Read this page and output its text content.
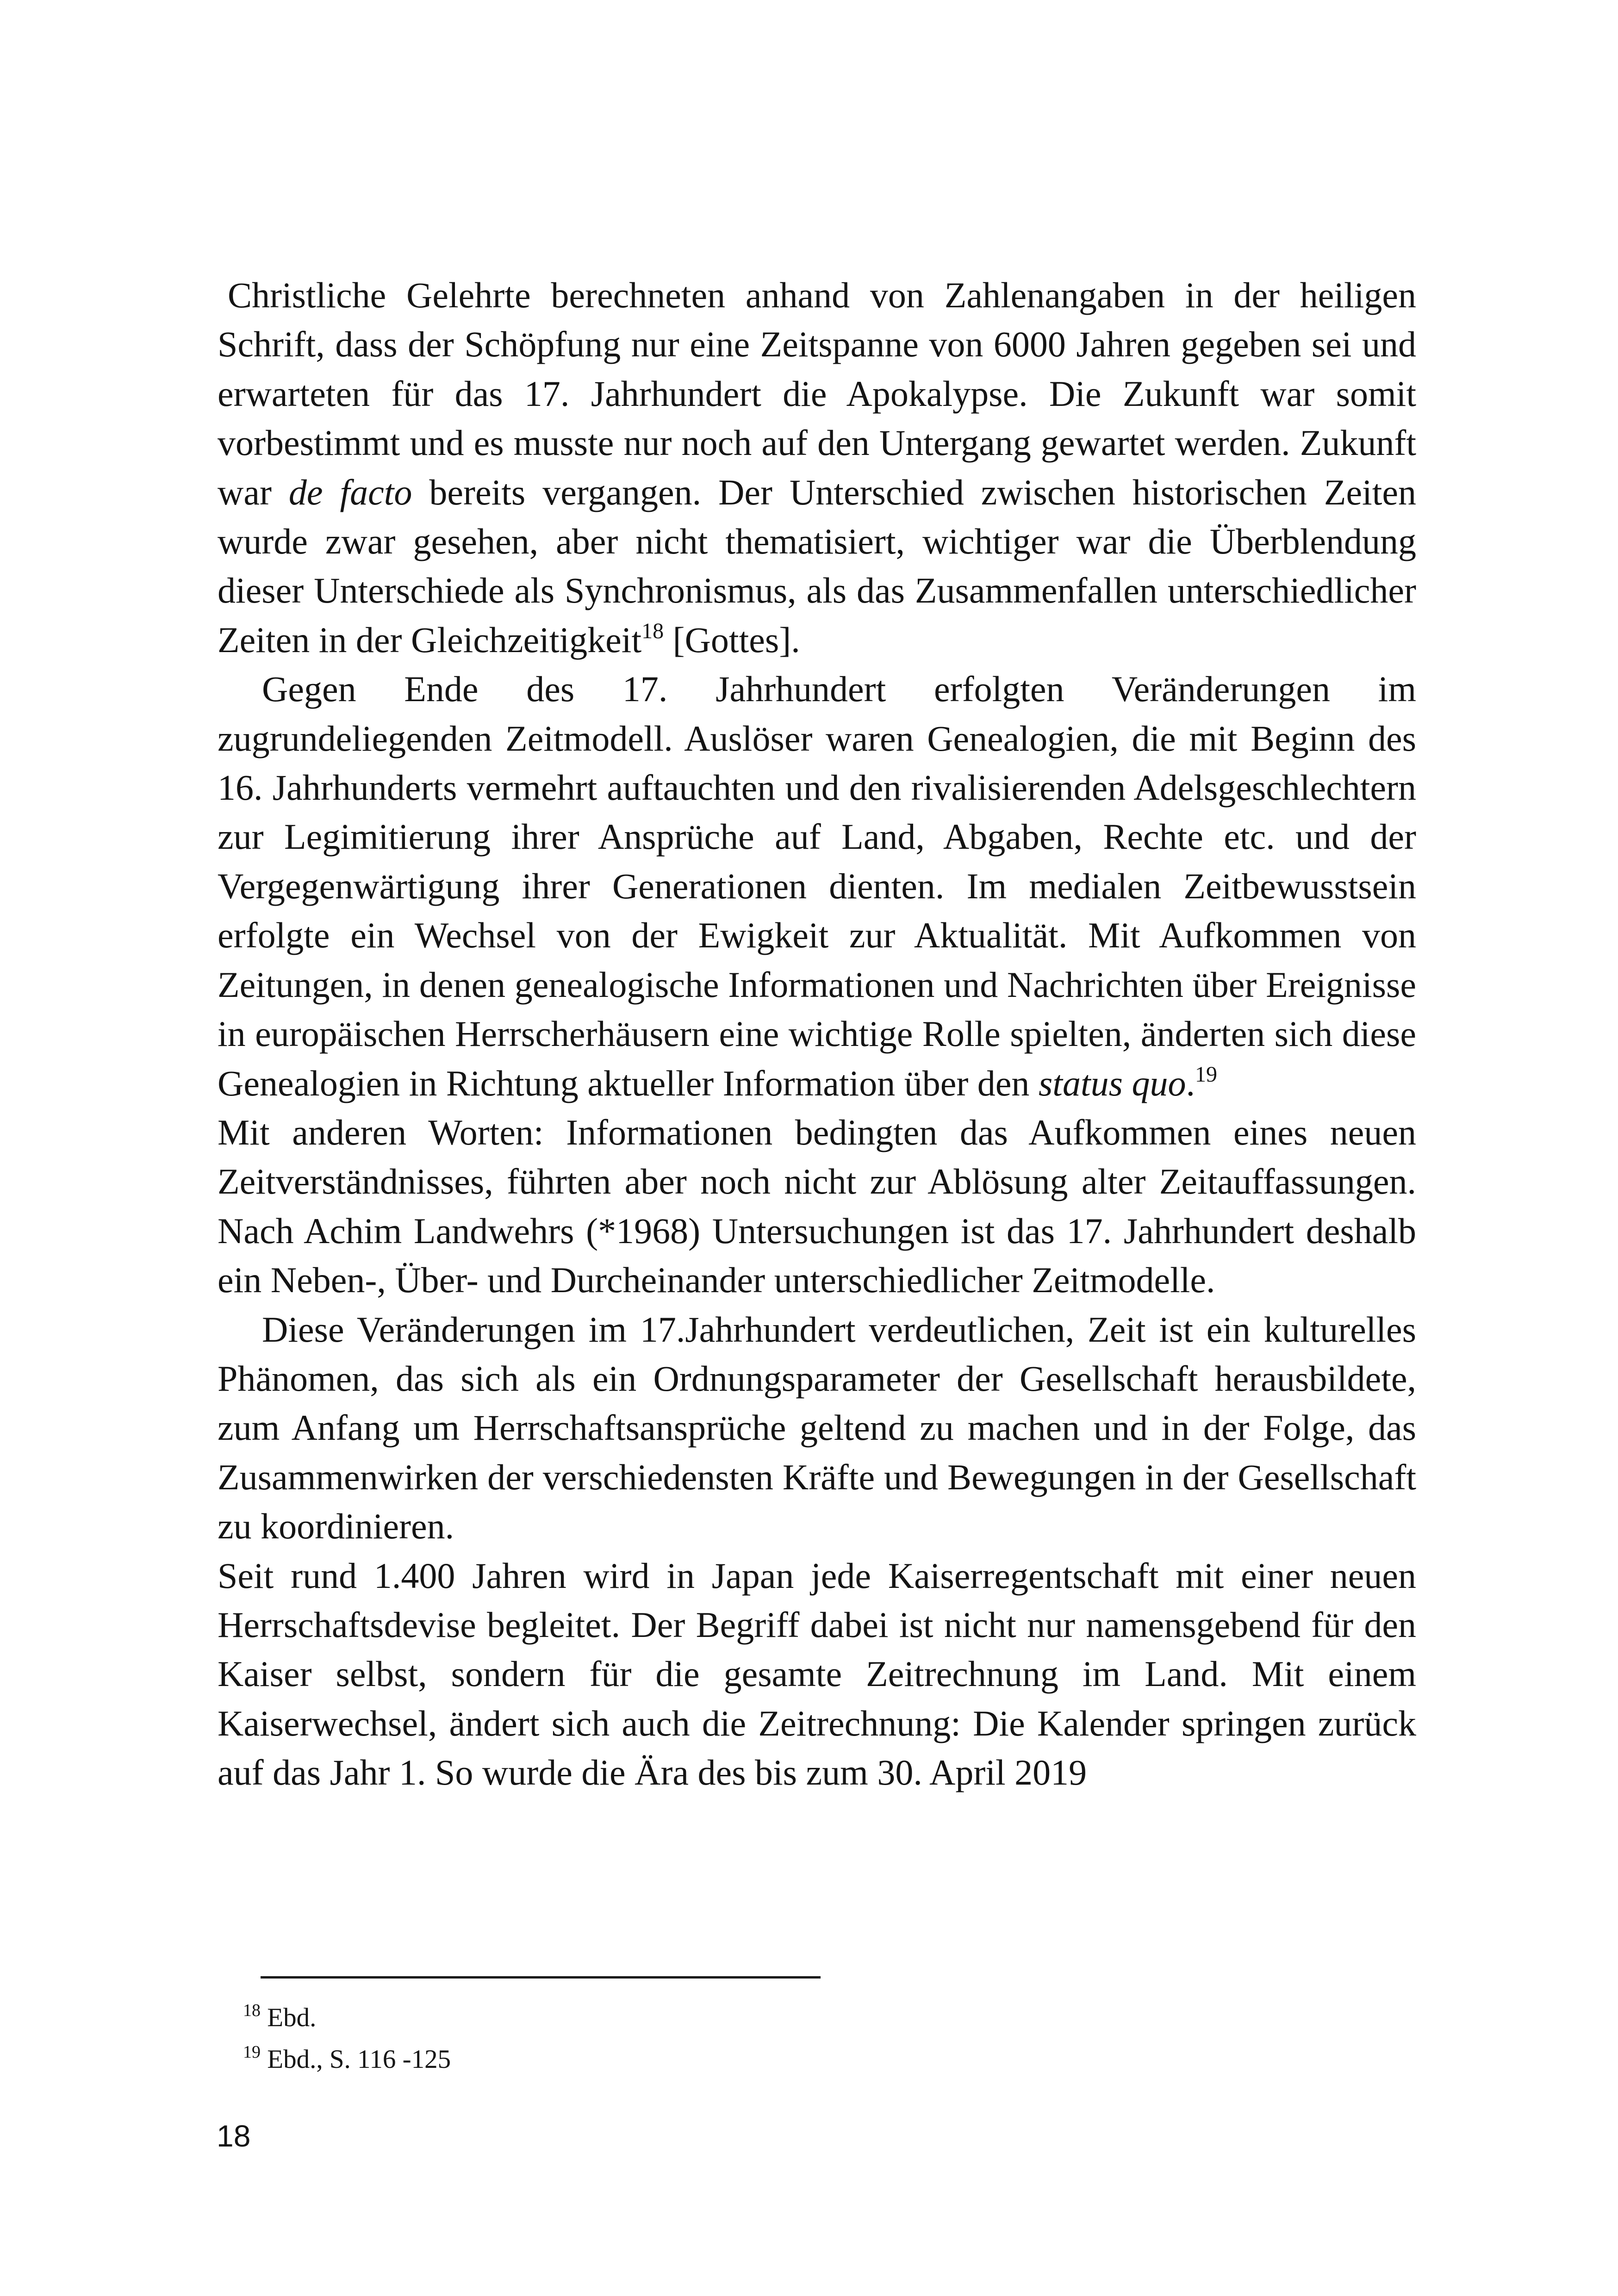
Christliche Gelehrte berechneten anhand von Zahlenangaben in der heiligen Schrift, dass der Schöpfung nur eine Zeitspanne von 6000 Jahren gegeben sei und erwarteten für das 17. Jahrhundert die Apokalypse. Die Zukunft war somit vorbestimmt und es musste nur noch auf den Untergang gewartet werden. Zukunft war de facto bereits vergangen. Der Unterschied zwischen historischen Zeiten wurde zwar gesehen, aber nicht thematisiert, wichtiger war die Überblendung dieser Unterschiede als Synchronismus, als das Zusammenfallen unterschiedlicher Zeiten in der Gleichzeitigkeit$^{18}$ [Gottes].

Gegen Ende des 17. Jahrhundert erfolgten Veränderungen im zugrundeliegenden Zeitmodell. Auslöser waren Genealogien, die mit Beginn des 16. Jahrhunderts vermehrt auftauchten und den rivalisierenden Adelsgeschlechtern zur Legimitierung ihrer Ansprüche auf Land, Abgaben, Rechte etc. und der Vergegenwärtigung ihrer Generationen dienten. Im medialen Zeitbewusstsein erfolgte ein Wechsel von der Ewigkeit zur Aktualität. Mit Aufkommen von Zeitungen, in denen genealogische Informationen und Nachrichten über Ereignisse in europäischen Herrscherhäusern eine wichtige Rolle spielten, änderten sich diese Genealogien in Richtung aktueller Information über den status quo.$^{19}$

Mit anderen Worten: Informationen bedingten das Aufkommen eines neuen Zeitverständnisses, führten aber noch nicht zur Ablösung alter Zeitauffassungen. Nach Achim Landwehrs (*1968) Untersuchungen ist das 17. Jahrhundert deshalb ein Neben-, Über- und Durcheinander unterschiedlicher Zeitmodelle.

Diese Veränderungen im 17.Jahrhundert verdeutlichen, Zeit ist ein kulturelles Phänomen, das sich als ein Ordnungsparameter der Gesellschaft herausbildete, zum Anfang um Herrschaftsansprüche geltend zu machen und in der Folge, das Zusammenwirken der verschiedensten Kräfte und Bewegungen in der Gesellschaft zu koordinieren.

Seit rund 1.400 Jahren wird in Japan jede Kaiserregentschaft mit einer neuen Herrschaftsdevise begleitet. Der Begriff dabei ist nicht nur namensgebend für den Kaiser selbst, sondern für die gesamte Zeitrechnung im Land. Mit einem Kaiserwechsel, ändert sich auch die Zeitrechnung: Die Kalender springen zurück auf das Jahr 1. So wurde die Ära des bis zum 30. April 2019

$^{18}$ Ebd.

$^{19}$ Ebd., S. 116 -125

18
